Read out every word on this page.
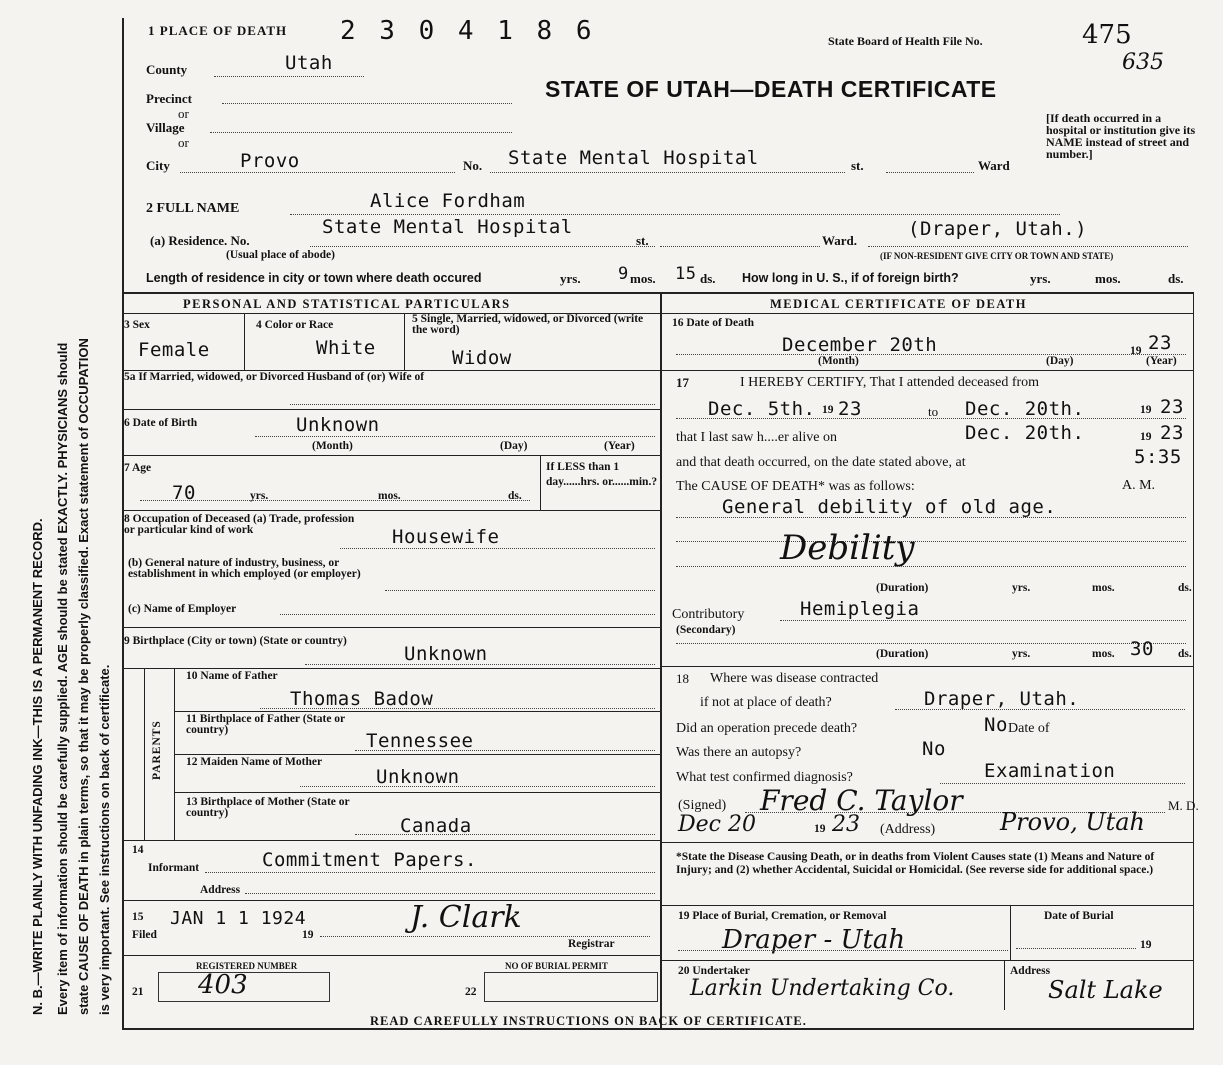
N. B.—WRITE PLAINLY WITH UNFADING INK—THIS IS A PERMANENT RECORD. Every item of information should be carefully supplied. AGE should be stated EXACTLY. PHYSICIANS should state CAUSE OF DEATH in plain terms, so that it may be properly classified. Exact statement of OCCUPATION is very important. See instructions on back of certificate.
1 PLACE OF DEATH 2 3 0 4 1 8 6	State Board of Health File No.	475
635
STATE OF UTAH—DEATH CERTIFICATE
County	Utah
Precinct
or
Village
or
City	Provo	No. State Mental Hospital	st.	Ward
[If death occurred in a hospital or institution give its NAME instead of street and number.]
2 FULL NAME	Alice Fordham
(a) Residence. No.
State Mental Hospital
st.	Ward.
(Draper, Utah.)
(Usual place of abode)	(IF NON-RESIDENT GIVE CITY OR TOWN AND STATE)
Length of residence in city or town where death occured	yrs. 9 mos. 15 ds. How long in U. S., if of foreign birth?	yrs.	mos.	ds.
PERSONAL AND STATISTICAL PARTICULARS
3 Sex
Female
4 Color or Race
White
5 Single, Married, widowed, or Divorced (write the word)
Widow
5a If Married, widowed, or Divorced Husband of (or) Wife of
6 Date of Birth	Unknown
(Month)	(Day)	(Year)
7 Age
70	yrs.	mos.	ds.
If LESS than 1 day......hrs. or......min.?
8 Occupation of Deceased (a) Trade, profession or particular kind of work	Housewife
(b) General nature of industry, business, or establishment in which employed (or employer)
(c) Name of Employer
9 Birthplace (City or town) (State or country)
Unknown
PARENTS
10 Name of Father
Thomas Badow
11 Birthplace of Father (State or country)	Tennessee
12 Maiden Name of Mother
Unknown
13 Birthplace of Mother (State or country)
Canada
14
Informant	Commitment Papers.
Address
15
Filed
JAN 1 1 1924
19	J. Clark
Registrar
REGISTERED NUMBER
21 403
NO OF BURIAL PERMIT
22
MEDICAL CERTIFICATE OF DEATH
16 Date of Death
December 20th	19 23
(Month)	(Day)	(Year)
17	I HEREBY CERTIFY, That I attended deceased from
Dec. 5th. 19 23	to Dec. 20th.	19 23
that I last saw h....er alive on	Dec. 20th.	19 23
and that death occurred, on the date stated above, at	5:35
The CAUSE OF DEATH* was as follows:	A. M.
General debility of old age.
Debility
(Duration)	yrs.	mos.	ds.
Contributory
(Secondary)
Hemiplegia
(Duration)	yrs.	mos. 30 ds.
18 Where was disease contracted
if not at place of death?	Draper, Utah.
Did an operation precede death?	No Date of
Was there an autopsy?	No
What test confirmed diagnosis?	Examination
(Signed) Fred C. Taylor	M. D.
Dec 20	19 23 (Address)	Provo, Utah
*State the Disease Causing Death, or in deaths from Violent Causes state (1) Means and Nature of Injury; and (2) whether Accidental, Suicidal or Homicidal. (See reverse side for additional space.)
19 Place of Burial, Cremation, or Removal
Draper - Utah
Date of Burial
19
20 Undertaker
Larkin Undertaking Co.
Address
Salt Lake
READ CAREFULLY INSTRUCTIONS ON BACK OF CERTIFICATE.
